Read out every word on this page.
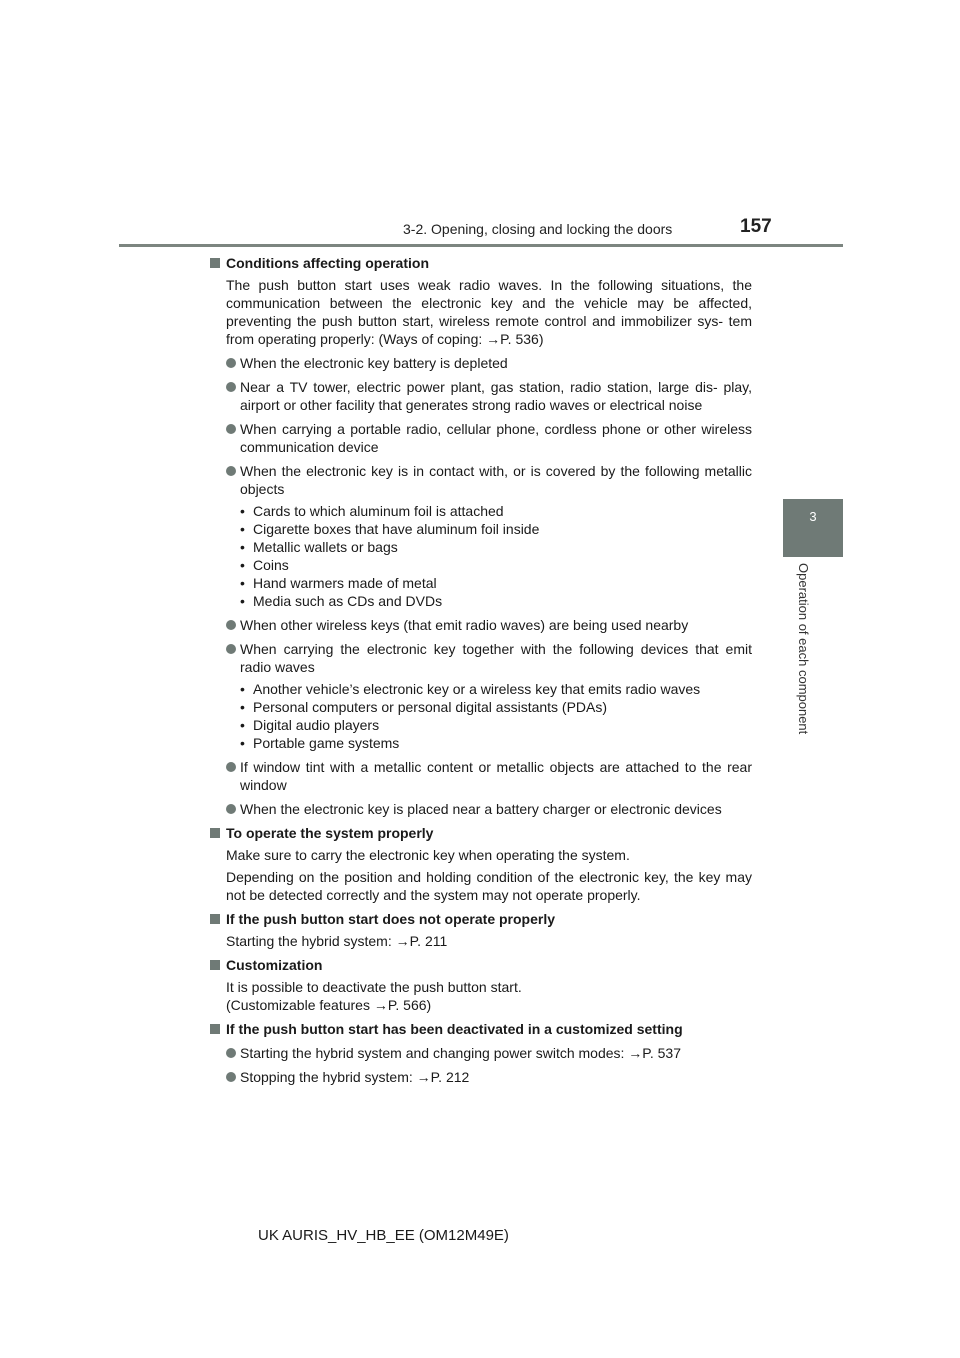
3-2. Opening, closing and locking the doors	157
3
Operation of each component

Conditions affecting operation

The push button start uses weak radio waves. In the following situations, the communication between the electronic key and the vehicle may be affected, preventing the push button start, wireless remote control and immobilizer sys- tem from operating properly: (Ways of coping: →P. 536)

When the electronic key battery is depleted
Near a TV tower, electric power plant, gas station, radio station, large dis- play, airport or other facility that generates strong radio waves or electrical noise
When carrying a portable radio, cellular phone, cordless phone or other wireless communication device
When the electronic key is in contact with, or is covered by the following metallic objects
• Cards to which aluminum foil is attached
• Cigarette boxes that have aluminum foil inside
• Metallic wallets or bags
• Coins
• Hand warmers made of metal
• Media such as CDs and DVDs
When other wireless keys (that emit radio waves) are being used nearby
When carrying the electronic key together with the following devices that emit radio waves
• Another vehicle’s electronic key or a wireless key that emits radio waves
• Personal computers or personal digital assistants (PDAs)
• Digital audio players
• Portable game systems
If window tint with a metallic content or metallic objects are attached to the rear window
When the electronic key is placed near a battery charger or electronic devices

To operate the system properly

Make sure to carry the electronic key when operating the system.

Depending on the position and holding condition of the electronic key, the key may not be detected correctly and the system may not operate properly.

If the push button start does not operate properly

Starting the hybrid system: →P. 211

Customization

It is possible to deactivate the push button start.

(Customizable features →P. 566)

If the push button start has been deactivated in a customized setting

Starting the hybrid system and changing power switch modes: →P. 537
Stopping the hybrid system: →P. 212
UK AURIS_HV_HB_EE (OM12M49E)
